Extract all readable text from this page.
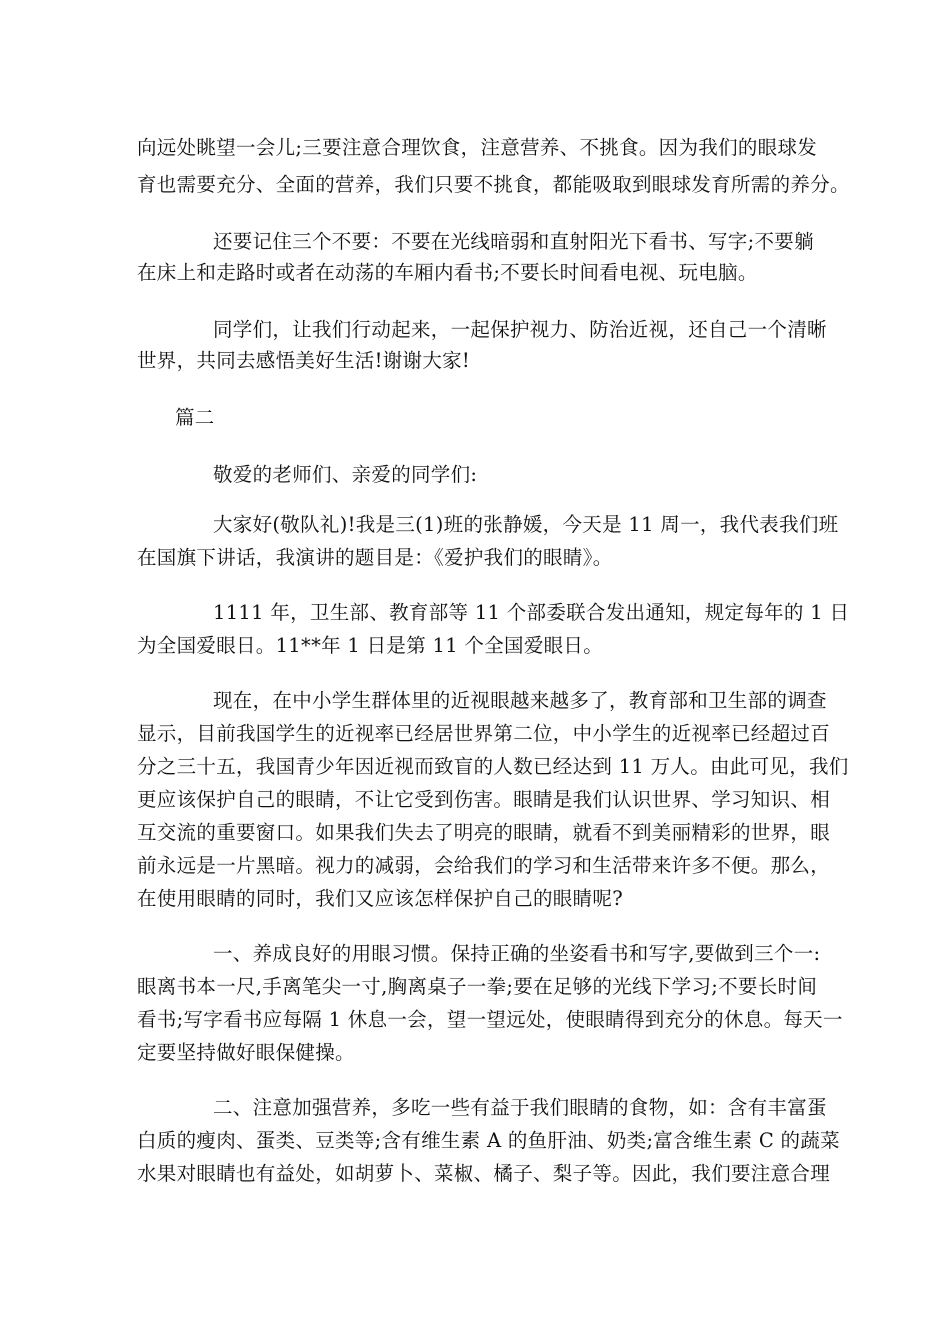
向远处眺望一会儿;三要注意合理饮食，注意营养、不挑食。因为我们的眼球发
育也需要充分、全面的营养，我们只要不挑食，都能吸取到眼球发育所需的养分。
还要记住三个不要：不要在光线暗弱和直射阳光下看书、写字;不要躺
在床上和走路时或者在动荡的车厢内看书;不要长时间看电视、玩电脑。
同学们，让我们行动起来，一起保护视力、防治近视，还自己一个清晰
世界，共同去感悟美好生活!谢谢大家!
篇二
敬爱的老师们、亲爱的同学们:
大家好(敬队礼)!我是三(1)班的张静媛，今天是 11 周一，我代表我们班
在国旗下讲话，我演讲的题目是：《爱护我们的眼睛》。
1111 年，卫生部、教育部等 11 个部委联合发出通知，规定每年的 1 日
为全国爱眼日。11**年 1 日是第 11 个全国爱眼日。
现在，在中小学生群体里的近视眼越来越多了，教育部和卫生部的调查
显示，目前我国学生的近视率已经居世界第二位，中小学生的近视率已经超过百
分之三十五，我国青少年因近视而致盲的人数已经达到 11 万人。由此可见，我们
更应该保护自己的眼睛，不让它受到伤害。眼睛是我们认识世界、学习知识、相
互交流的重要窗口。如果我们失去了明亮的眼睛，就看不到美丽精彩的世界，眼
前永远是一片黑暗。视力的减弱，会给我们的学习和生活带来许多不便。那么，
在使用眼睛的同时，我们又应该怎样保护自己的眼睛呢?
一、养成良好的用眼习惯。保持正确的坐姿看书和写字,要做到三个一:
眼离书本一尺,手离笔尖一寸,胸离桌子一拳;要在足够的光线下学习;不要长时间
看书;写字看书应每隔 1 休息一会，望一望远处，使眼睛得到充分的休息。每天一
定要坚持做好眼保健操。
二、注意加强营养，多吃一些有益于我们眼睛的食物，如：含有丰富蛋
白质的瘦肉、蛋类、豆类等;含有维生素 A 的鱼肝油、奶类;富含维生素 C 的蔬菜
水果对眼睛也有益处，如胡萝卜、菜椒、橘子、梨子等。因此，我们要注意合理
